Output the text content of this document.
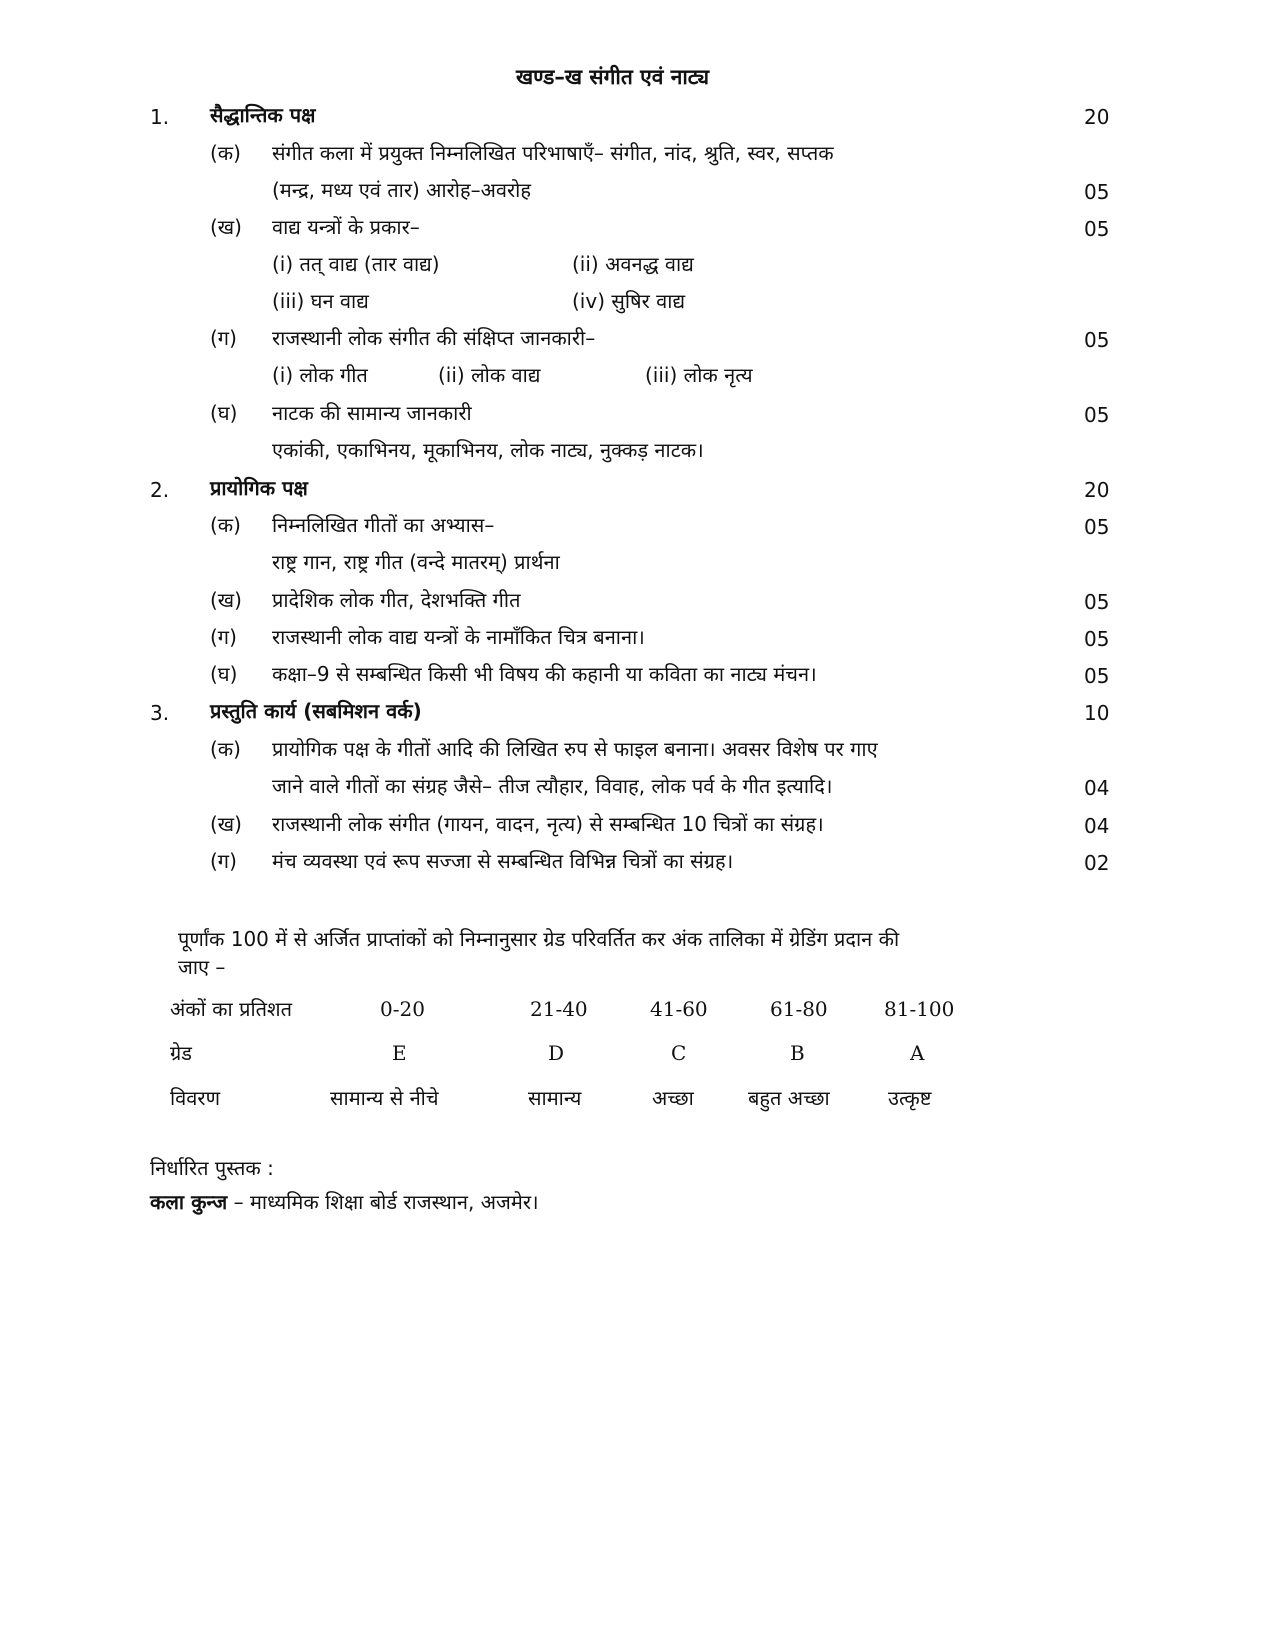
खण्ड–ख संगीत एवं नाट्य
1. सैद्धान्तिक पक्ष	20
(क) संगीत कला में प्रयुक्त निम्नलिखित परिभाषाएँ– संगीत, नांद, श्रुति, स्वर, सप्तक
(मन्द्र, मध्य एवं तार) आरोह–अवरोह	05
(ख) वाद्य यन्त्रों के प्रकार–	05
(i) तत् वाद्य (तार वाद्य)	(ii) अवनद्ध वाद्य
(iii) घन वाद्य	(iv) सुषिर वाद्य
(ग) राजस्थानी लोक संगीत की संक्षिप्त जानकारी–	05
(i) लोक गीत	(ii) लोक वाद्य	(iii) लोक नृत्य
(घ) नाटक की सामान्य जानकारी	05
एकांकी, एकाभिनय, मूकाभिनय, लोक नाट्य, नुक्कड़ नाटक।
2. प्रायोगिक पक्ष	20
(क) निम्नलिखित गीतों का अभ्यास–	05
राष्ट्र गान, राष्ट्र गीत (वन्दे मातरम्) प्रार्थना
(ख) प्रादेशिक लोक गीत, देशभक्ति गीत	05
(ग) राजस्थानी लोक वाद्य यन्त्रों के नामाँकित चित्र बनाना।	05
(घ) कक्षा–9 से सम्बन्धित किसी भी विषय की कहानी या कविता का नाट्य मंचन।	05
3. प्रस्तुति कार्य (सबमिशन वर्क)	10
(क) प्रायोगिक पक्ष के गीतों आदि की लिखित रुप से फाइल बनाना। अवसर विशेष पर गाए
जाने वाले गीतों का संग्रह जैसे– तीज त्यौहार, विवाह, लोक पर्व के गीत इत्यादि।	04
(ख) राजस्थानी लोक संगीत (गायन, वादन, नृत्य) से सम्बन्धित 10 चित्रों का संग्रह।	04
(ग) मंच व्यवस्था एवं रूप सज्जा से सम्बन्धित विभिन्न चित्रों का संग्रह।	02
पूर्णांक 100 में से अर्जित प्राप्तांकों को निम्नानुसार ग्रेड परिवर्तित कर अंक तालिका में ग्रेडिंग प्रदान की
जाए –
अंकों का प्रतिशत	0-20	21-40	41-60	61-80	81-100
ग्रेड	E	D	C	B	A
विवरण	सामान्य से नीचे	सामान्य	अच्छा	बहुत अच्छा	उत्कृष्ट
निर्धारित पुस्तक :
कला कुन्ज – माध्यमिक शिक्षा बोर्ड राजस्थान, अजमेर।
